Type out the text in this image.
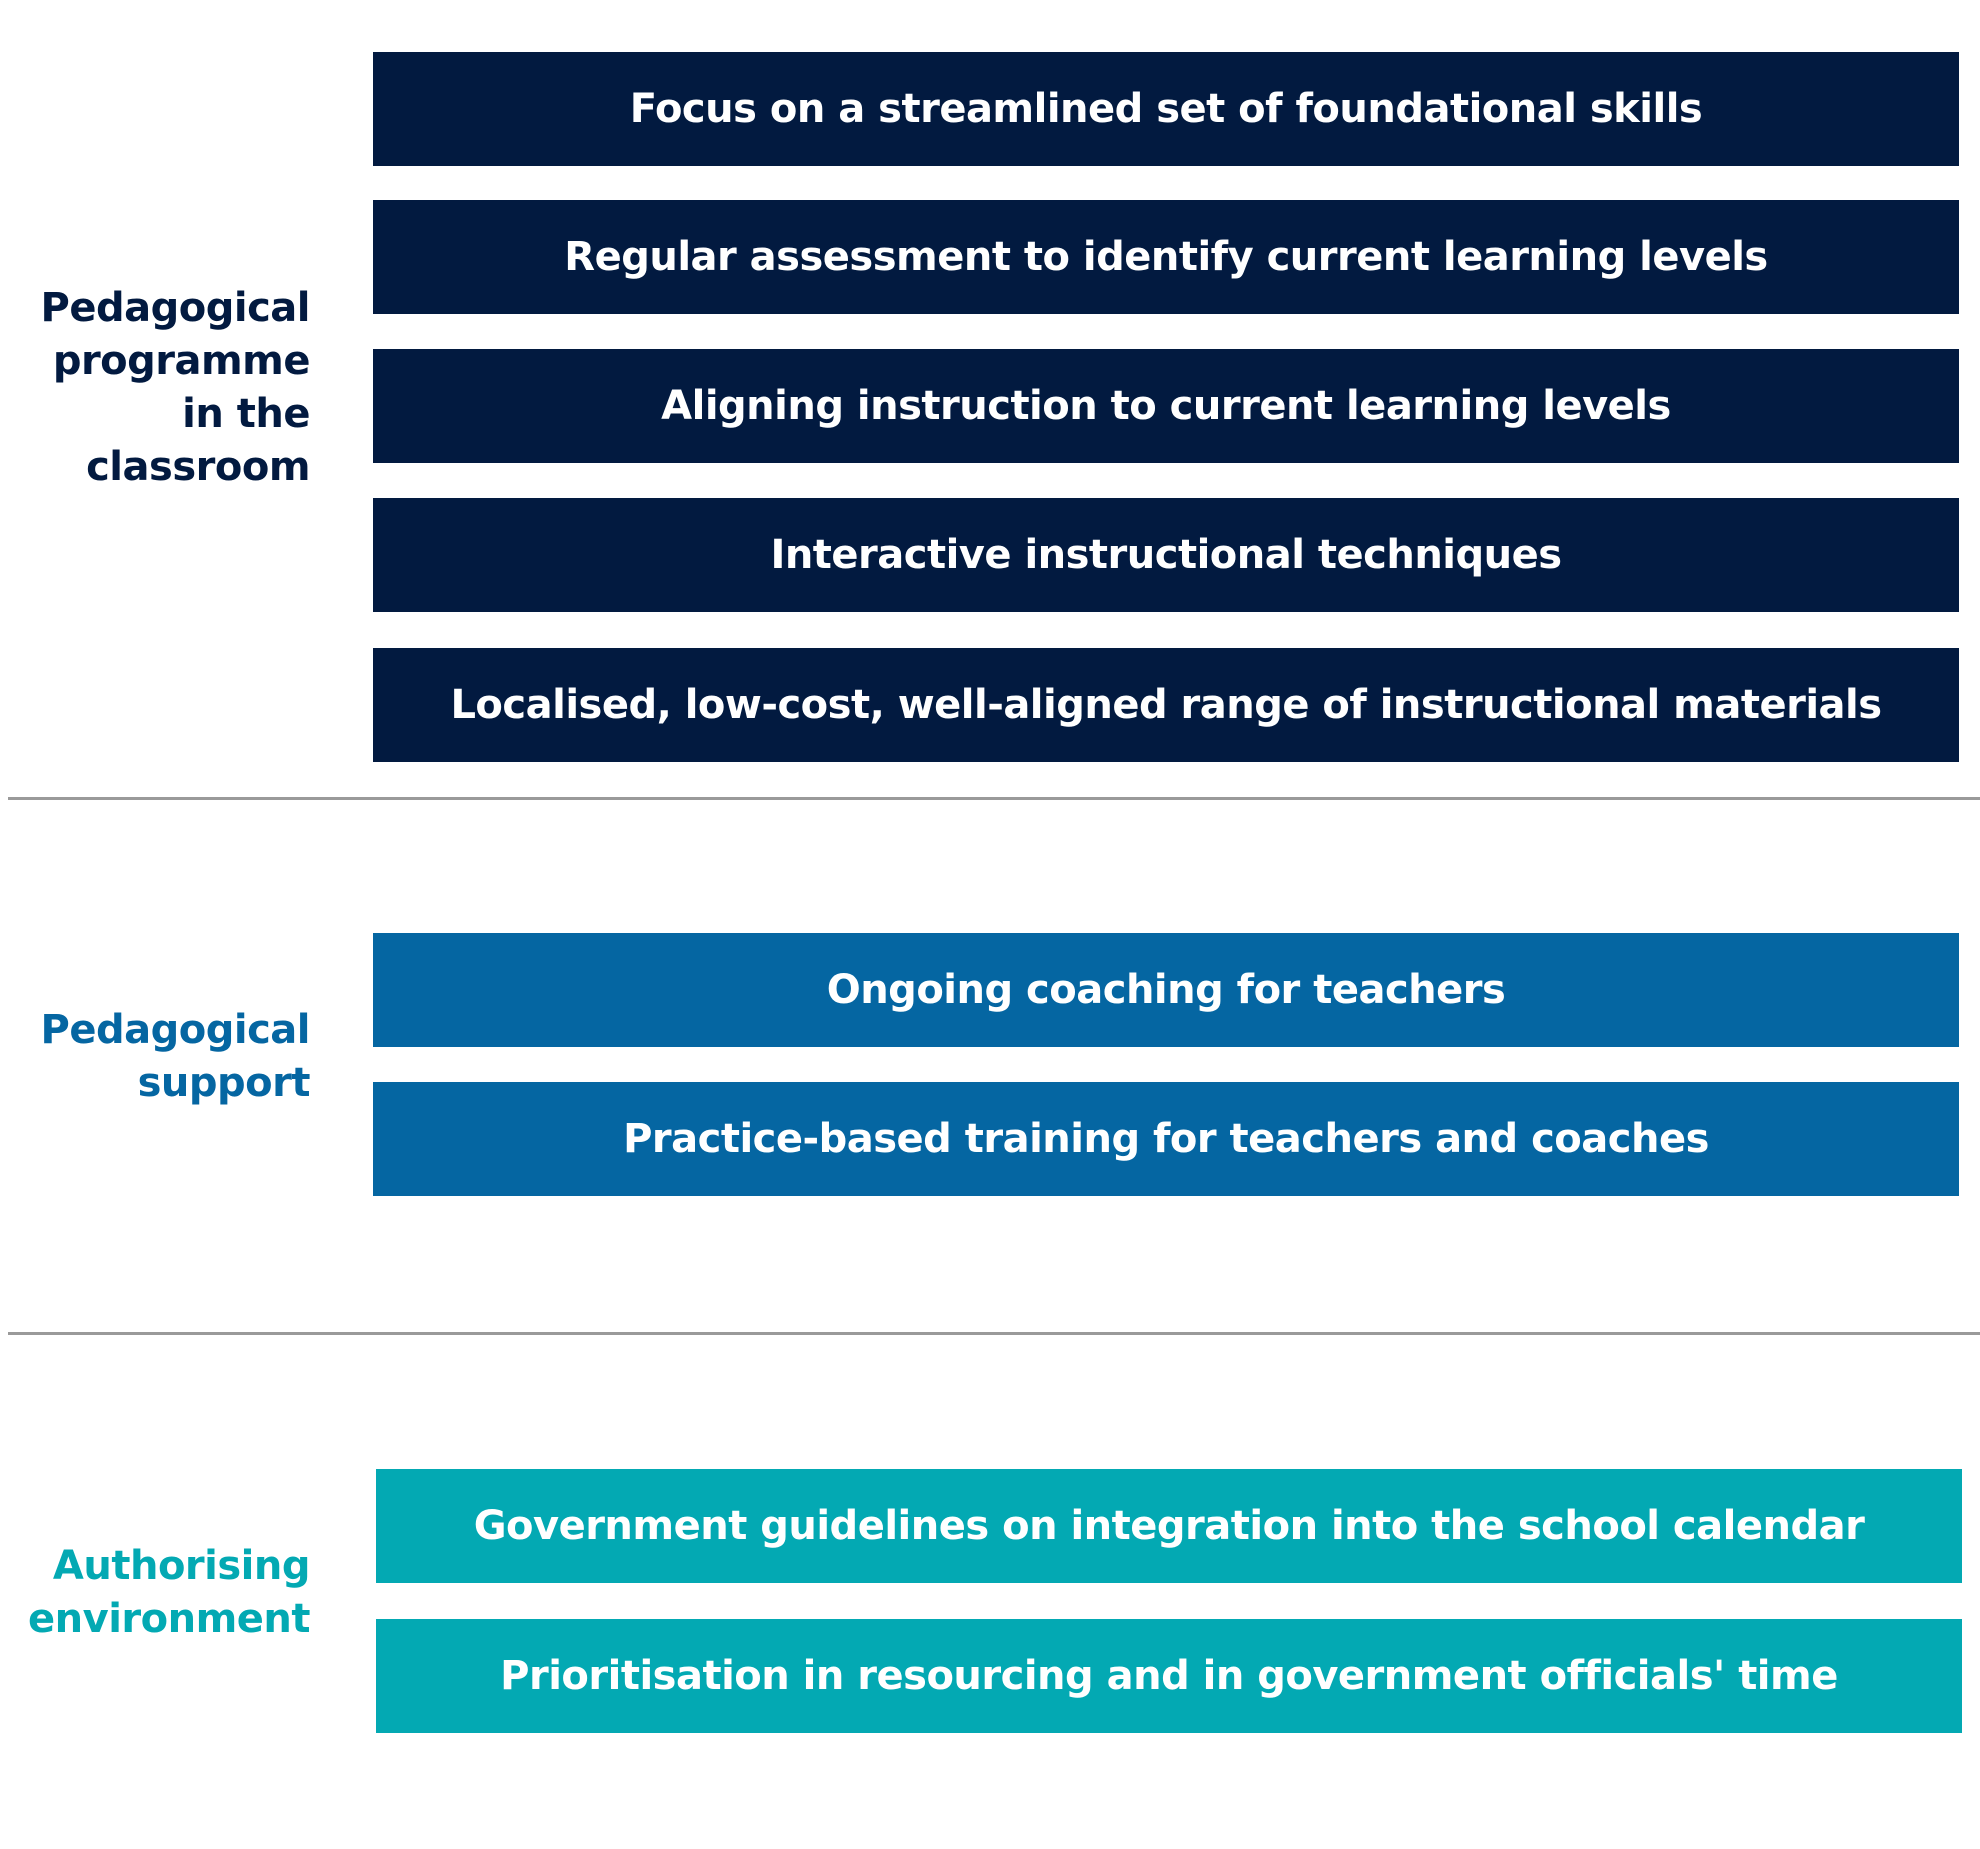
Pedagogical
programme
in the
classroom
Focus on a streamlined set of foundational skills
Regular assessment to identify current learning levels
Aligning instruction to current learning levels
Interactive instructional techniques
Localised, low-cost, well-aligned range of instructional materials
Pedagogical
support
Ongoing coaching for teachers
Practice-based training for teachers and coaches
Authorising
environment
Government guidelines on integration into the school calendar
Prioritisation in resourcing and in government officials' time
